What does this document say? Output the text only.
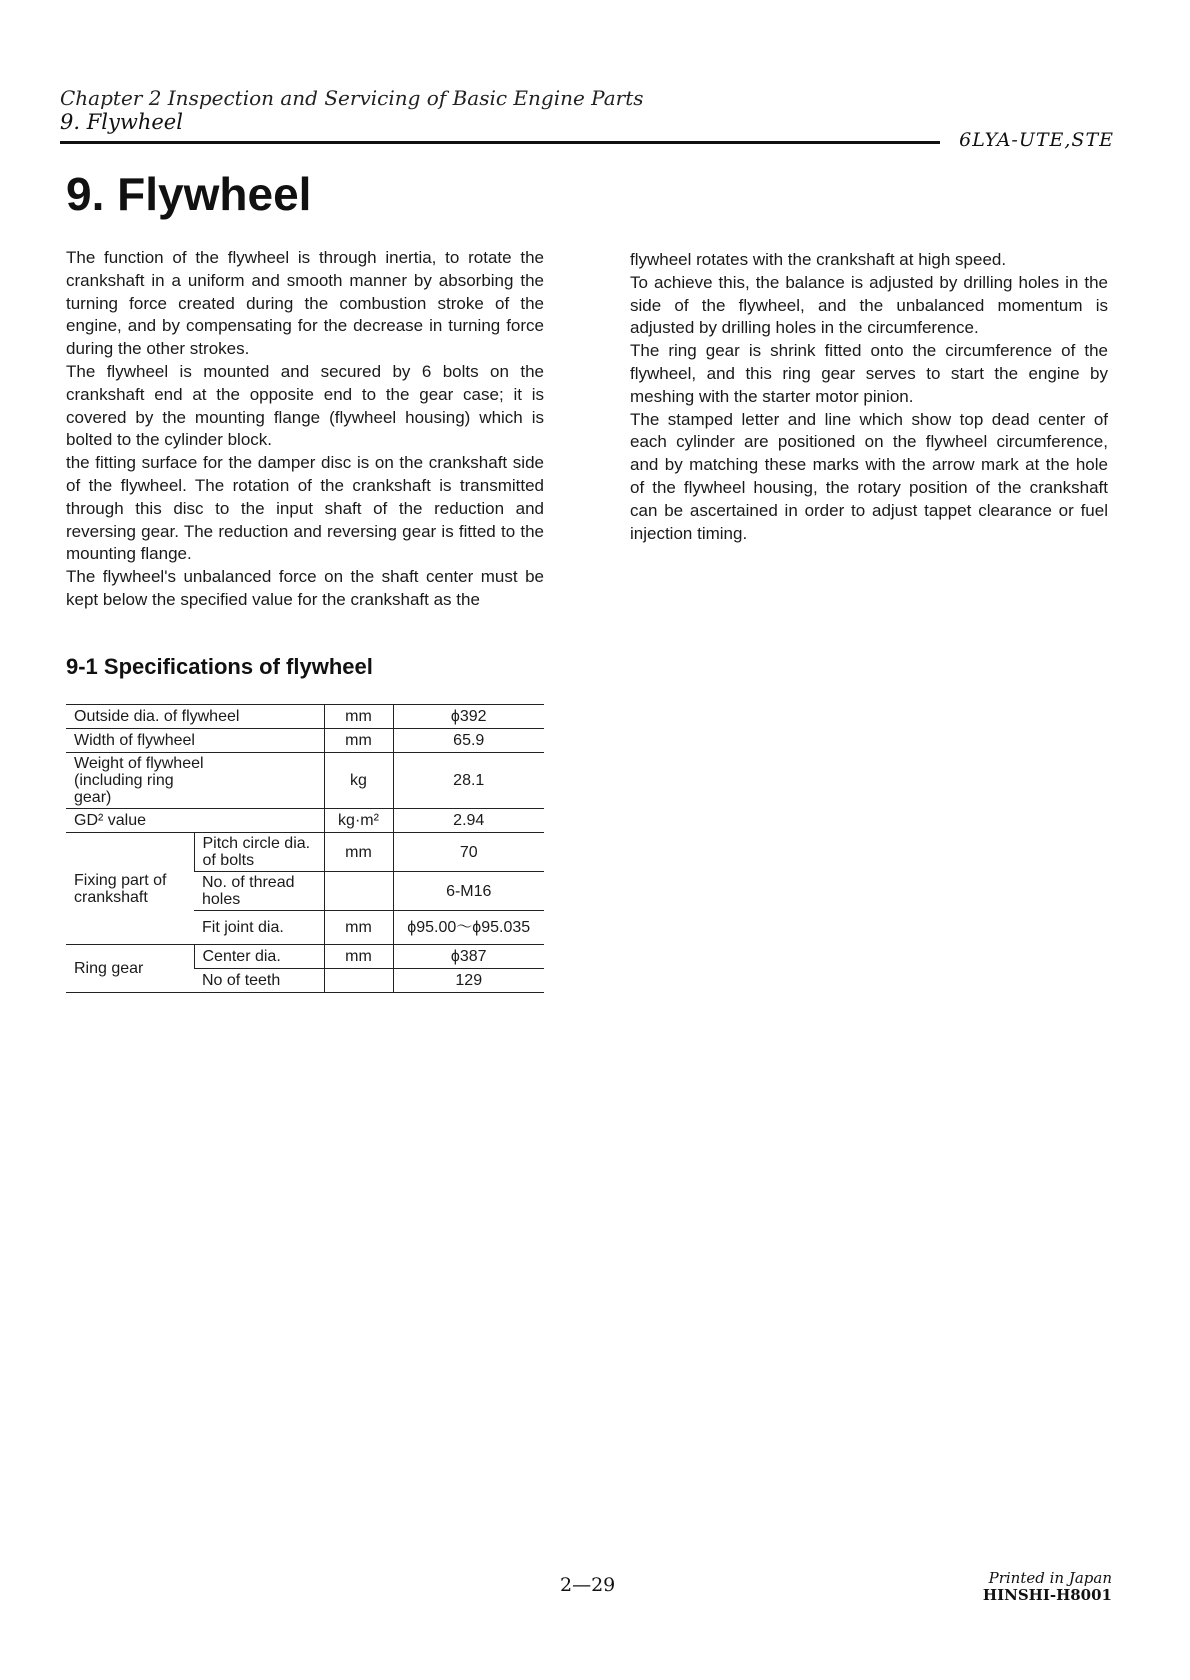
Chapter 2 Inspection and Servicing of Basic Engine Parts
9. Flywheel
6LYA-UTE,STE
9. Flywheel

The function of the flywheel is through inertia, to rotate the crankshaft in a uniform and smooth manner by absorbing the turning force created during the combustion stroke of the engine, and by compensating for the decrease in turning force during the other strokes.

The flywheel is mounted and secured by 6 bolts on the crankshaft end at the opposite end to the gear case; it is covered by the mounting flange (flywheel housing) which is bolted to the cylinder block.

the fitting surface for the damper disc is on the crankshaft side of the flywheel. The rotation of the crankshaft is transmitted through this disc to the input shaft of the reduction and reversing gear. The reduction and reversing gear is fitted to the mounting flange.

The flywheel's unbalanced force on the shaft center must be kept below the specified value for the crankshaft as the

flywheel rotates with the crankshaft at high speed.

To achieve this, the balance is adjusted by drilling holes in the side of the flywheel, and the unbalanced momentum is adjusted by drilling holes in the circumference.

The ring gear is shrink fitted onto the circumference of the flywheel, and this ring gear serves to start the engine by meshing with the starter motor pinion.

The stamped letter and line which show top dead center of each cylinder are positioned on the flywheel circumference, and by matching these marks with the arrow mark at the hole of the flywheel housing, the rotary position of the crankshaft can be ascertained in order to adjust tappet clearance or fuel injection timing.

9-1 Specifications of flywheel
Outside dia. of flywheel		mm	ϕ392
Width of flywheel		mm	65.9
Weight of flywheel (including ring gear)		kg	28.1
GD² value		kg·m²	2.94
Fixing part of crankshaft	Pitch circle dia. of bolts	mm	70
	No. of thread holes		6-M16
	Fit joint dia.	mm	ϕ95.00〜ϕ95.035
Ring gear	Center dia.	mm	ϕ387
	No of teeth		129
2—29	Printed in Japan
HINSHI-H8001
